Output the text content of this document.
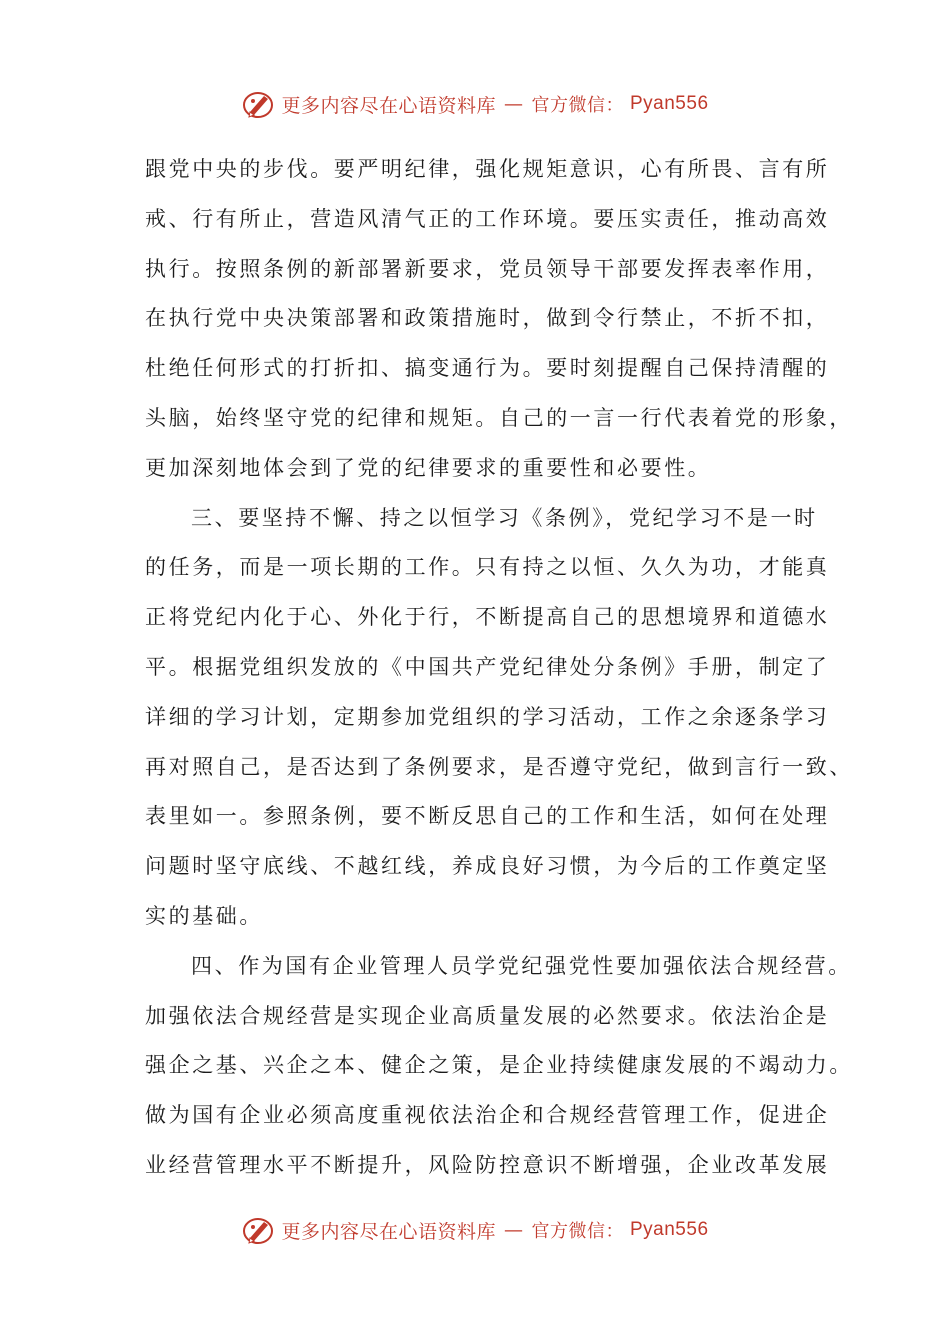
更多内容尽在心语资料库 — 官方微信： Pyan556
跟党中央的步伐。要严明纪律，强化规矩意识，心有所畏、言有所
戒、行有所止，营造风清气正的工作环境。要压实责任，推动高效
执行。按照条例的新部署新要求，党员领导干部要发挥表率作用，
在执行党中央决策部署和政策措施时，做到令行禁止，不折不扣，
杜绝任何形式的打折扣、搞变通行为。要时刻提醒自己保持清醒的
头脑，始终坚守党的纪律和规矩。自己的一言一行代表着党的形象，
更加深刻地体会到了党的纪律要求的重要性和必要性。
三、要坚持不懈、持之以恒学习《条例》，党纪学习不是一时
的任务，而是一项长期的工作。只有持之以恒、久久为功，才能真
正将党纪内化于心、外化于行，不断提高自己的思想境界和道德水
平。根据党组织发放的《中国共产党纪律处分条例》手册，制定了
详细的学习计划，定期参加党组织的学习活动，工作之余逐条学习
再对照自己，是否达到了条例要求，是否遵守党纪，做到言行一致、
表里如一。参照条例，要不断反思自己的工作和生活，如何在处理
问题时坚守底线、不越红线，养成良好习惯，为今后的工作奠定坚
实的基础。
四、作为国有企业管理人员学党纪强党性要加强依法合规经营。
加强依法合规经营是实现企业高质量发展的必然要求。依法治企是
强企之基、兴企之本、健企之策，是企业持续健康发展的不竭动力。
做为国有企业必须高度重视依法治企和合规经营管理工作，促进企
业经营管理水平不断提升，风险防控意识不断增强，企业改革发展
更多内容尽在心语资料库 — 官方微信： Pyan556
